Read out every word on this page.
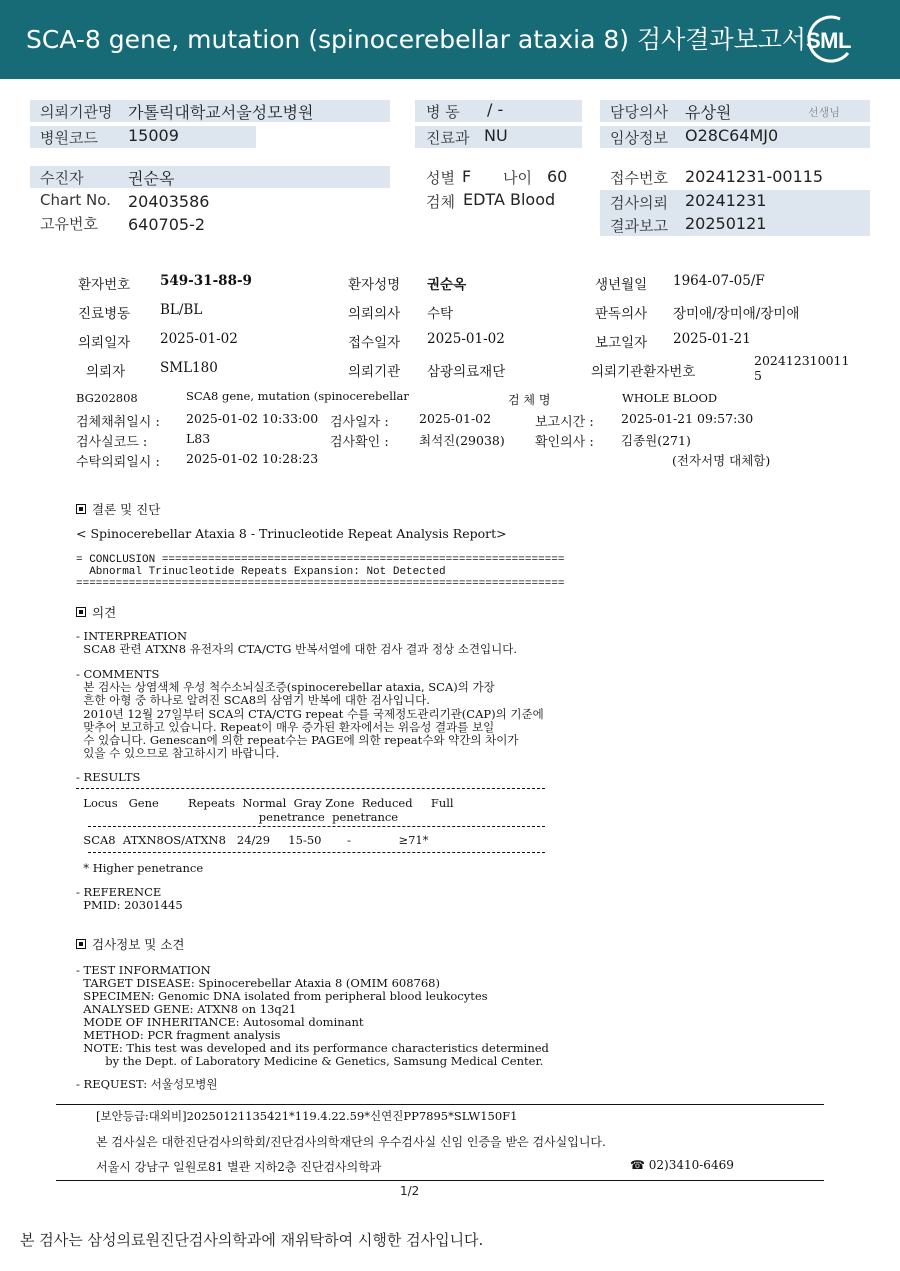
SCA-8 gene, mutation (spinocerebellar ataxia 8) 검사결과보고서 SML
의뢰기관명 가톨릭대학교서울성모병원
병원코드 15009
병 동 / -
진료과 NU
담당의사 유상원	선생님
임상정보 O28C64MJ0
수진자	권순옥
Chart No. 20403586
고유번호 640705-2
성별 F 나이 60
검체 EDTA Blood
접수번호 20241231-00115
검사의뢰 20241231
결과보고 20250121
환자번호 549-31-88-9	환자성명 권순옥	생년월일 1964-07-05/F
진료병동 BL/BL	의뢰의사 수탁	판독의사 장미애/장미애/장미애
의뢰일자 2025-01-02	접수일자 2025-01-02	보고일자 2025-01-21
의뢰자	SML180	의뢰기관 삼광의료재단	의뢰기관환자번호
202412310011
5
BG202808	SCA8 gene, mutation (spinocerebellar	검 체 명	WHOLE BLOOD
검체채취일시 : 2025-01-02 10:33:00 검사일자 : 2025-01-02	보고시간 : 2025-01-21 09:57:30
검사실코드 :	L83	검사확인 : 최석진(29038) 확인의사 : 김종원(271)
수탁의뢰일시 : 2025-01-02 10:28:23	(전자서명 대체함)
결론 및 진단
< Spinocerebellar Ataxia 8 - Trinucleotide Repeat Analysis Report>
= CONCLUSION =============================================================
Abnormal Trinucleotide Repeats Expansion: Not Detected
==========================================================================
의견
- INTERPREATION
SCA8 관련 ATXN8 유전자의 CTA/CTG 반복서열에 대한 검사 결과 정상 소견입니다.
- COMMENTS
본 검사는 상염색체 우성 척수소뇌실조증(spinocerebellar ataxia, SCA)의 가장
흔한 아형 중 하나로 알려진 SCA8의 삼염기 반복에 대한 검사입니다.
2010년 12월 27일부터 SCA의 CTA/CTG repeat 수를 국제정도관리기관(CAP)의 기준에
맞추어 보고하고 있습니다. Repeat이 매우 증가된 환자에서는 위음성 결과를 보일
수 있습니다. Genescan에 의한 repeat수는 PAGE에 의한 repeat수와 약간의 차이가
있을 수 있으므로 참고하시기 바랍니다.
- RESULTS
Locus   Gene        Repeats  Normal  Gray Zone  Reduced     Full
penetrance  penetrance
SCA8  ATXN8OS/ATXN8   24/29     15-50       -             ≥71*
* Higher penetrance
- REFERENCE
PMID: 20301445
검사정보 및 소견
- TEST INFORMATION
TARGET DISEASE: Spinocerebellar Ataxia 8 (OMIM 608768)
SPECIMEN: Genomic DNA isolated from peripheral blood leukocytes
ANALYSED GENE: ATXN8 on 13q21
MODE OF INHERITANCE: Autosomal dominant
METHOD: PCR fragment analysis
NOTE: This test was developed and its performance characteristics determined
by the Dept. of Laboratory Medicine & Genetics, Samsung Medical Center.
- REQUEST: 서울성모병원
[보안등급:대외비]20250121135421*119.4.22.59*신연진PP7895*SLW150F1
본 검사실은 대한진단검사의학회/진단검사의학재단의 우수검사실 신임 인증을 받은 검사실입니다.
서울시 강남구 일원로81 별관 지하2층 진단검사의학과	☎ 02)3410-6469
1/2
본 검사는 삼성의료원진단검사의학과에 재위탁하여 시행한 검사입니다.
